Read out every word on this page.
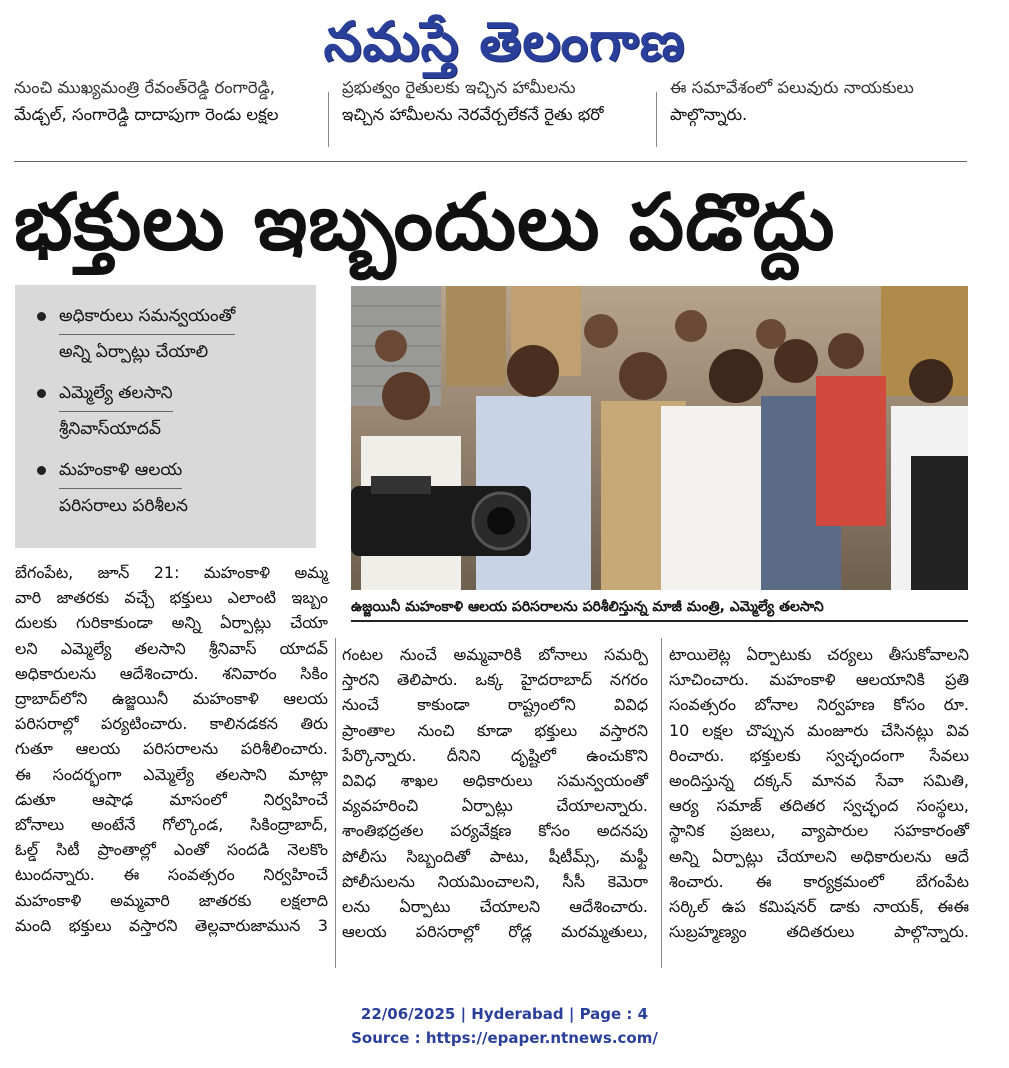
నమస్తే తెలంగాణ
నుంచి ముఖ్యమంత్రి రేవంత్‌రెడ్డి రంగారెడ్డి,
మేడ్చల్, సంగారెడ్డి దాదాపుగా రెండు లక్షల
ప్రభుత్వం రైతులకు ఇచ్చిన హామీలను
ఇచ్చిన హామీలను నెరవేర్చలేకనే రైతు భరో
ఈ సమావేశంలో పలువురు నాయకులు
పాల్గొన్నారు.
భక్తులు ఇబ్బందులు పడొద్దు
అధికారులు సమన్వయంతో
అన్ని ఏర్పాట్లు చేయాలి
ఎమ్మెల్యే తలసాని
శ్రీనివాస్‌యాదవ్
మహంకాళి ఆలయ
పరిసరాలు పరిశీలన
ఉజ్జయినీ మహంకాళి ఆలయ పరిసరాలను పరిశీలిస్తున్న మాజీ మంత్రి, ఎమ్మెల్యే తలసాని
బేగంపేట, జూన్ 21: మహంకాళి అమ్మ
వారి జాతరకు వచ్చే భక్తులు ఎలాంటి ఇబ్బం
దులకు గురికాకుండా అన్ని ఏర్పాట్లు చేయా
లని ఎమ్మెల్యే తలసాని శ్రీనివాస్ యాదవ్
అధికారులను ఆదేశించారు. శనివారం సికిం
ద్రాబాద్‌లోని ఉజ్జయినీ మహంకాళి ఆలయ
పరిసరాల్లో పర్యటించారు. కాలినడకన తిరు
గుతూ ఆలయ పరిసరాలను పరిశీలించారు.
ఈ సందర్భంగా ఎమ్మెల్యే తలసాని మాట్లా
డుతూ ఆషాఢ మాసంలో నిర్వహించే
బోనాలు అంటేనే గోల్కొండ, సికింద్రాబాద్,
ఓల్డ్ సిటీ ప్రాంతాల్లో ఎంతో సందడి నెలకొం
టుందన్నారు. ఈ సంవత్సరం నిర్వహించే
మహంకాళి అమ్మవారి జాతరకు లక్షలాది
మంది భక్తులు వస్తారని తెల్లవారుజామున 3
గంటల నుంచే అమ్మవారికి బోనాలు సమర్పి
స్తారని తెలిపారు. ఒక్క హైదరాబాద్ నగరం
నుంచే కాకుండా రాష్ట్రంలోని వివిధ
ప్రాంతాల నుంచి కూడా భక్తులు వస్తారని
పేర్కొన్నారు. దీనిని దృష్టిలో ఉంచుకొని
వివిధ శాఖల అధికారులు సమన్వయంతో
వ్యవహరించి ఏర్పాట్లు చేయాలన్నారు.
శాంతిభద్రతల పర్యవేక్షణ కోసం అదనపు
పోలీసు సిబ్బందితో పాటు, షీటీమ్స్, మఫ్టీ
పోలీసులను నియమించాలని, సీసీ కెమెరా
లను ఏర్పాటు చేయాలని ఆదేశించారు.
ఆలయ పరిసరాల్లో రోడ్ల మరమ్మతులు,
టాయిలెట్ల ఏర్పాటుకు చర్యలు తీసుకోవాలని
సూచించారు. మహంకాళి ఆలయానికి ప్రతి
సంవత్సరం బోనాల నిర్వహణ కోసం రూ.
10 లక్షల చొప్పున మంజూరు చేసినట్లు వివ
రించారు. భక్తులకు స్వచ్ఛందంగా సేవలు
అందిస్తున్న దక్కన్ మానవ సేవా సమితి,
ఆర్య సమాజ్ తదితర స్వచ్ఛంద సంస్థలు,
స్థానిక ప్రజలు, వ్యాపారుల సహకారంతో
అన్ని ఏర్పాట్లు చేయాలని అధికారులను ఆదే
శించారు. ఈ కార్యక్రమంలో బేగంపేట
సర్కిల్ ఉప కమిషనర్ డాకు నాయక్, ఈఈ
సుబ్రహ్మణ్యం తదితరులు పాల్గొన్నారు.
22/06/2025 | Hyderabad | Page : 4
Source : https://epaper.ntnews.com/
